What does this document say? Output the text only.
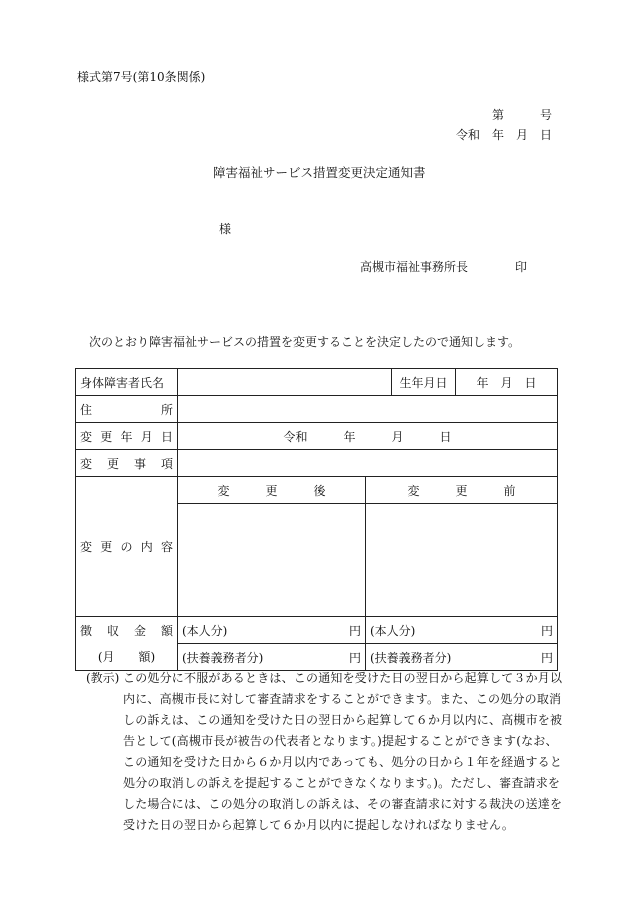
様式第7号(第10条関係)
第　　　号
令和　年　月　日
障害福祉サービス措置変更決定通知書
様
高槻市福祉事務所長	印
次のとおり障害福祉サービスの措置を変更することを決定したので通知します。
身体障害者氏名			生年月日	年　月　日

住 所				

変 更 年 月 日	令和　　　年　　　月　　　日			

変 更 事 項				

変 更 の 内 容	変　　　更　　　後	変　　　更　　　前		

徴 収 金 額	(本人分) 円	(本人分) 円		

(月　　額)	(扶養義務者分) 円	(扶養義務者分) 円		
(教示) この処分に不服があるときは、この通知を受けた日の翌日から起算して３か月以内に、高槻市長に対して審査請求をすることができます。また、この処分の取消しの訴えは、この通知を受けた日の翌日から起算して６か月以内に、高槻市を被告として(高槻市長が被告の代表者となります。)提起することができます(なお、この通知を受けた日から６か月以内であっても、処分の日から１年を経過すると処分の取消しの訴えを提起することができなくなります。)。ただし、審査請求をした場合には、この処分の取消しの訴えは、その審査請求に対する裁決の送達を受けた日の翌日から起算して６か月以内に提起しなければなりません。
